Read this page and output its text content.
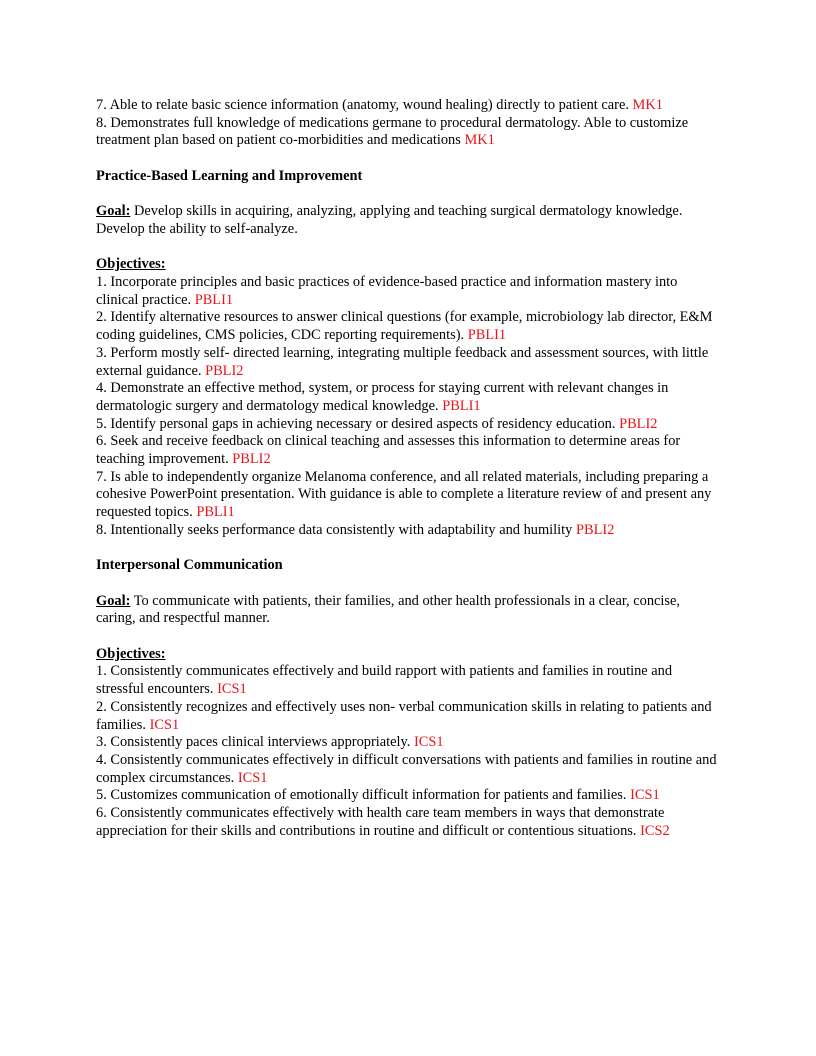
7. Able to relate basic science information (anatomy, wound healing) directly to patient care. MK1

8. Demonstrates full knowledge of medications germane to procedural dermatology. Able to customize treatment plan based on patient co-morbidities and medications MK1

Practice-Based Learning and Improvement

Goal: Develop skills in acquiring, analyzing, applying and teaching surgical dermatology knowledge. Develop the ability to self-analyze.

Objectives:

1. Incorporate principles and basic practices of evidence-based practice and information mastery into clinical practice. PBLI1

2. Identify alternative resources to answer clinical questions (for example, microbiology lab director, E&M coding guidelines, CMS policies, CDC reporting requirements). PBLI1

3. Perform mostly self- directed learning, integrating multiple feedback and assessment sources, with little external guidance. PBLI2

4. Demonstrate an effective method, system, or process for staying current with relevant changes in dermatologic surgery and dermatology medical knowledge. PBLI1

5. Identify personal gaps in achieving necessary or desired aspects of residency education. PBLI2

6. Seek and receive feedback on clinical teaching and assesses this information to determine areas for teaching improvement. PBLI2

7. Is able to independently organize Melanoma conference, and all related materials, including preparing a cohesive PowerPoint presentation. With guidance is able to complete a literature review of and present any requested topics. PBLI1

8. Intentionally seeks performance data consistently with adaptability and humility PBLI2

Interpersonal Communication

Goal: To communicate with patients, their families, and other health professionals in a clear, concise, caring, and respectful manner.

Objectives:

1. Consistently communicates effectively and build rapport with patients and families in routine and stressful encounters. ICS1

2. Consistently recognizes and effectively uses non- verbal communication skills in relating to patients and families. ICS1

3. Consistently paces clinical interviews appropriately. ICS1

4. Consistently communicates effectively in difficult conversations with patients and families in routine and complex circumstances. ICS1

5. Customizes communication of emotionally difficult information for patients and families. ICS1

6. Consistently communicates effectively with health care team members in ways that demonstrate appreciation for their skills and contributions in routine and difficult or contentious situations. ICS2
